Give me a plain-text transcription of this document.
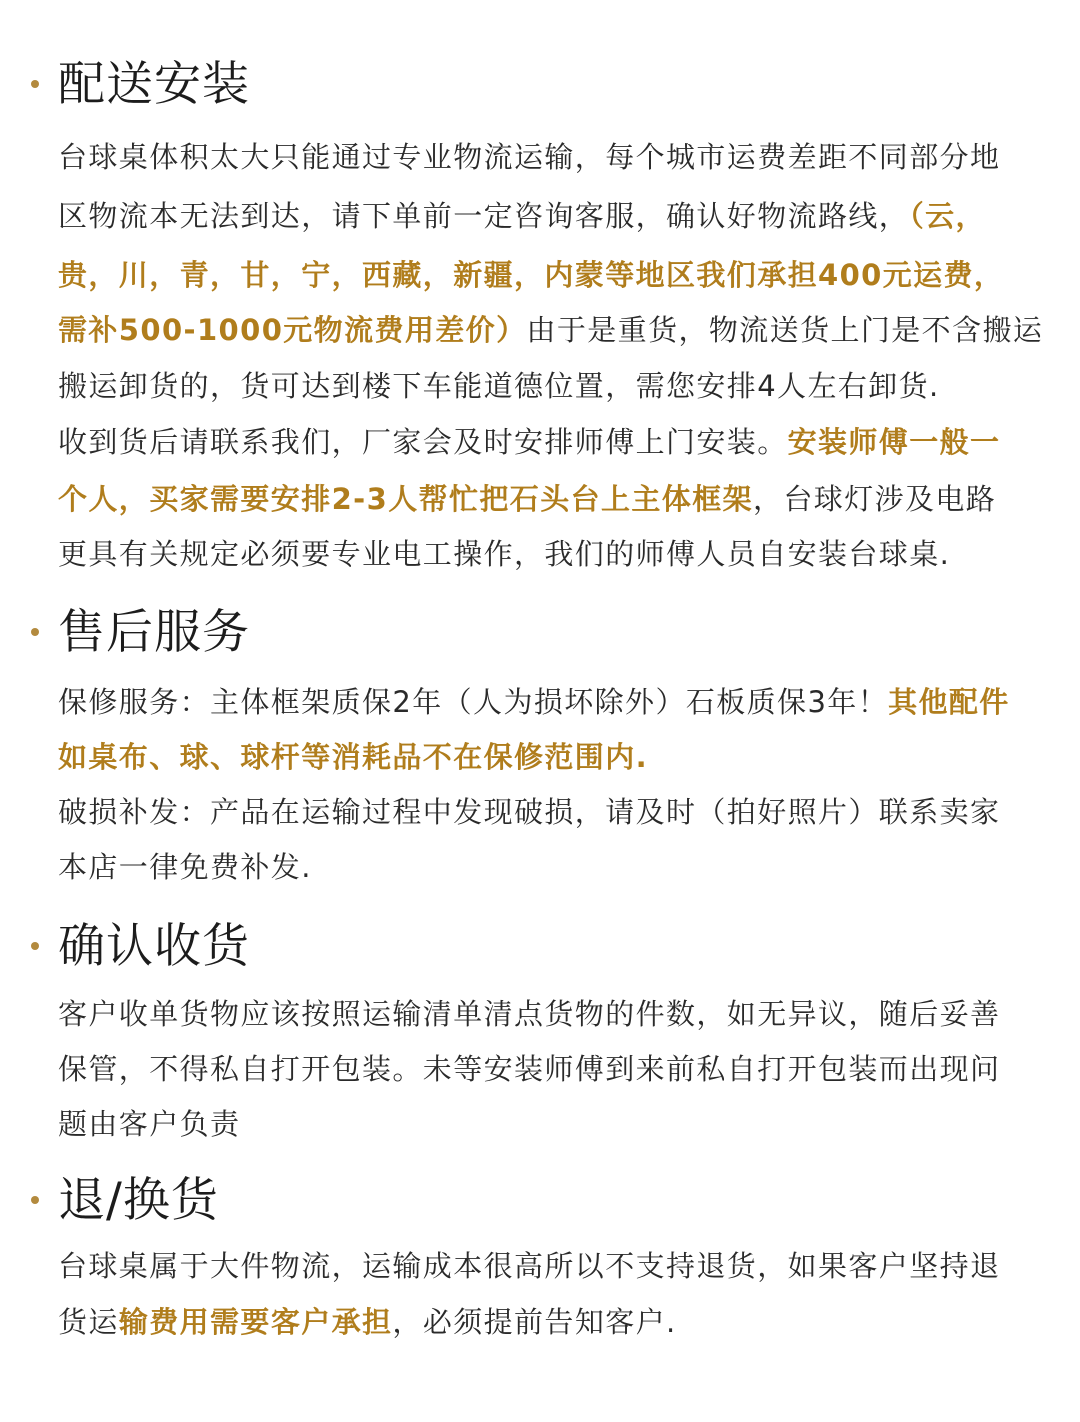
配送安装
台球桌体积太大只能通过专业物流运输，每个城市运费差距不同部分地
区物流本无法到达，请下单前一定咨询客服，确认好物流路线，（云，
贵，川，青，甘，宁，西藏，新疆，内蒙等地区我们承担400元运费，
需补500-1000元物流费用差价）由于是重货，物流送货上门是不含搬运
搬运卸货的，货可达到楼下车能道德位置，需您安排4人左右卸货.
收到货后请联系我们，厂家会及时安排师傅上门安装。安装师傅一般一
个人，买家需要安排2-3人帮忙把石头台上主体框架，台球灯涉及电路
更具有关规定必须要专业电工操作，我们的师傅人员自安装台球桌.
售后服务
保修服务：主体框架质保2年（人为损坏除外）石板质保3年！其他配件
如桌布、球、球杆等消耗品不在保修范围内.
破损补发：产品在运输过程中发现破损，请及时（拍好照片）联系卖家
本店一律免费补发.
确认收货
客户收单货物应该按照运输清单清点货物的件数，如无异议，随后妥善
保管，不得私自打开包装。未等安装师傅到来前私自打开包装而出现问
题由客户负责
退/换货
台球桌属于大件物流，运输成本很高所以不支持退货，如果客户坚持退
货运输费用需要客户承担，必须提前告知客户.
